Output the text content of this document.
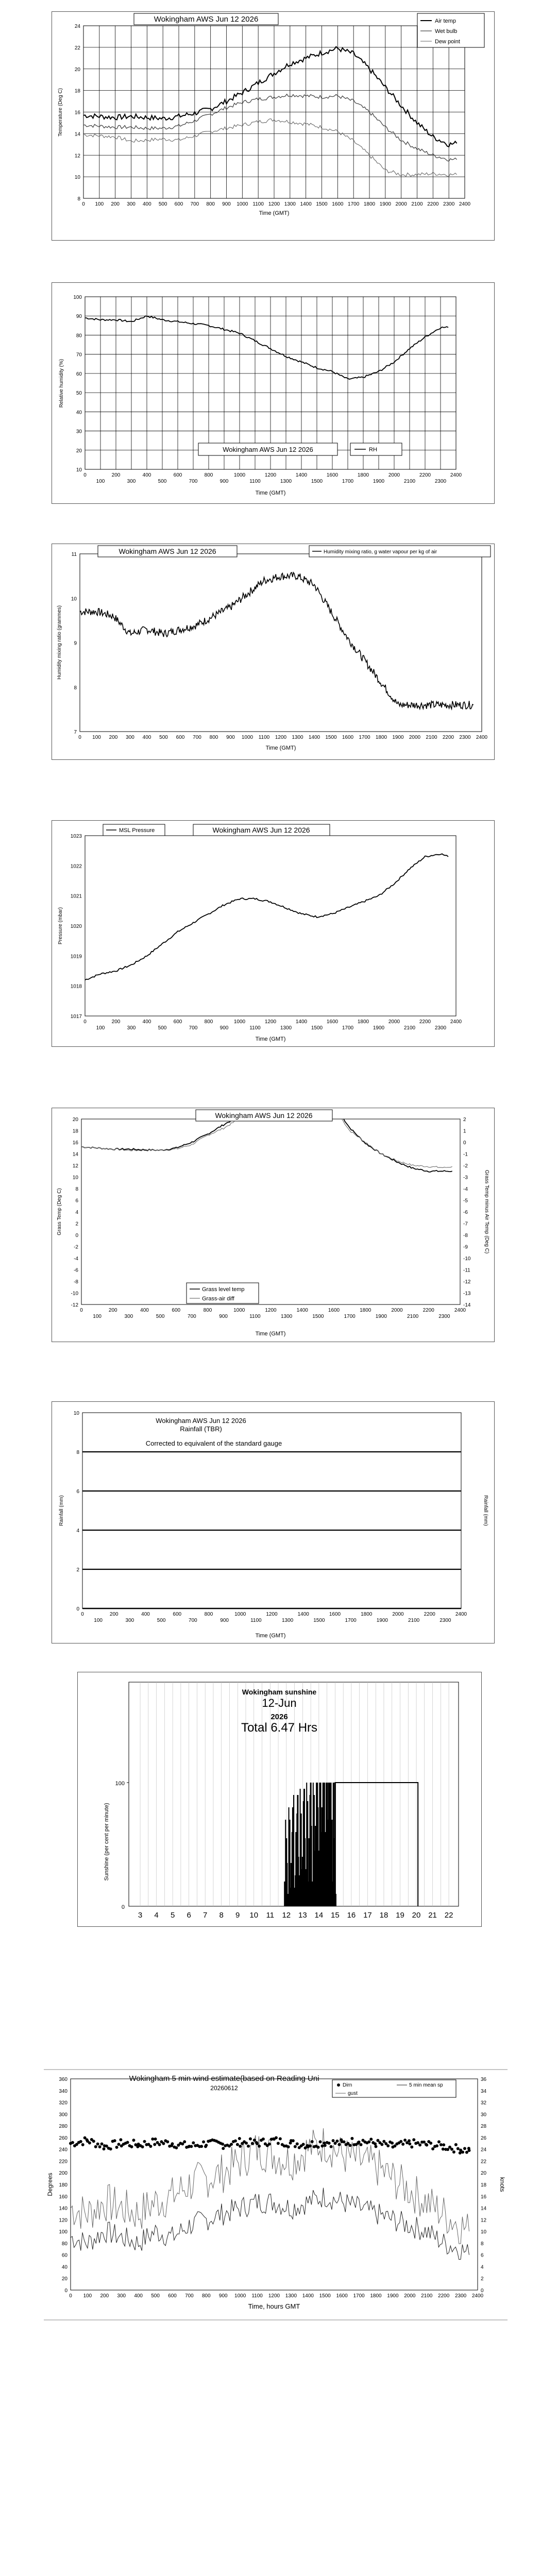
8
10
12
14
16
18
20
22
24
0 100 200 300 400 500 600 700 800 900 1000 1100 1200 1300 1400 1500 1600 1700 1800 1900 2000 2100 2200 2300 2400
Wokingham AWS Jun 12 2026	Air temp
Wet bulb
Dew point
Temperature (Deg C)
Time (GMT)
10
20
30
40
50
60
70
80
90
100
0
100
200
300
400
500
600
700
800
900
1000
1100
1200
1300
1400
1500
1600
1700
1800
1900
2000
2100
2200
2300
2400
Wokingham AWS Jun 12 2026	RH
Relative humidity (%)
Time (GMT)
7
8
9
10
11
0 100 200 300 400 500 600 700 800 900 1000 1100 1200 1300 1400 1500 1600 1700 1800 1900 2000 2100 2200 2300 2400
Wokingham AWS Jun 12 2026	Humidity mixing ratio, g water vapour per kg of air
Humidity mixing ratio (grammes)
Time (GMT)
1017
1018
1019
1020
1021
1022
1023
0
100
200
300
400
500
600
700
800
900
1000
1100
1200
1300
1400
1500
1600
1700
1800
1900
2000
2100
2200
2300
2400
MSL Pressure	Wokingham AWS Jun 12 2026
Pressure (mbar)
Time (GMT)
-12
-10
-8
-6
-4
-2
0
2
4
6
8
10
12
14
16
18
20
-14
-13
-12
-11
-10
-9
-8
-7
-6
-5
-4
-3
-2
-1
0
1
2
0
100
200
300
400
500
600
700
800
900
1000
1100
1200
1300
1400
1500
1600
1700
1800
1900
2000
2100
2200
2300
2400
Wokingham AWS Jun 12 2026
Grass level temp
Grass-air diff
Grass Temp (Deg C)	Grass Temp minus Air Temp (Deg C)
Time (GMT)
0
2
4
6
8
10
0
100
200
300
400
500
600
700
800
900
1000
1100
1200
1300
1400
1500
1600
1700
1800
1900
2000
2100
2200
2300
2400
Wokingham AWS Jun 12 2026
Rainfall (TBR)
Corrected to equivalent of the standard gauge
Rainfall (mm)	Rainfall (mm)
Time (GMT)
3 4 5 6 7 8 9 10 11 12 13 14 15 16 17 18 19 20 21 22
100
0
Wokingham sunshine
12-Jun
2026
Total 6.47 Hrs
Sunshine (per cent per minute)
0
20
40
60
80
100
120
140
160
180
200
220
240
260
280
300
320
340
360
0
2
4
6
8
10
12
14
16
18
20
22
24
26
28
30
32
34
36
0 100 200 300 400 500 600 700 800 900 1000 1100 1200 1300 1400 1500 1600 1700 1800 1900 2000 2100 2200 2300 2400
Wokingham 5 min wind estimate(based on Reading Uni
20260612	Dirn	5 min mean sp
gust
Degrees	knots
Time, hours GMT
